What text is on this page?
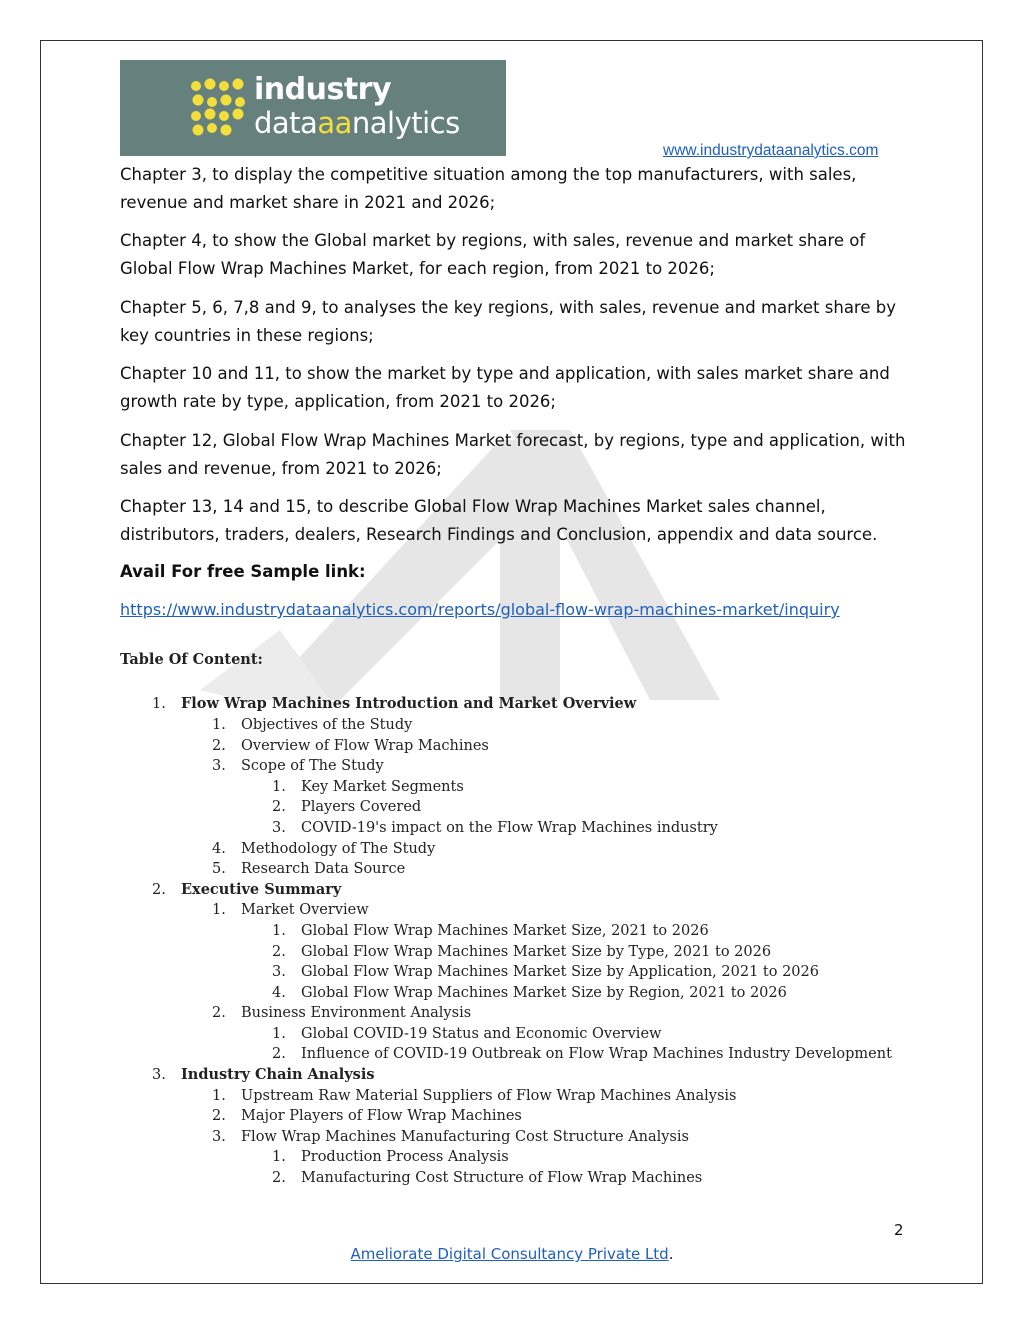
industry
dataaanalytics
www.industrydataanalytics.com
Chapter 3, to display the competitive situation among the top manufacturers, with sales, revenue and market share in 2021 and 2026;
Chapter 4, to show the Global market by regions, with sales, revenue and market share of Global Flow Wrap Machines Market, for each region, from 2021 to 2026;
Chapter 5, 6, 7,8 and 9, to analyses the key regions, with sales, revenue and market share by key countries in these regions;
Chapter 10 and 11, to show the market by type and application, with sales market share and growth rate by type, application, from 2021 to 2026;
Chapter 12, Global Flow Wrap Machines Market forecast, by regions, type and application, with sales and revenue, from 2021 to 2026;
Chapter 13, 14 and 15, to describe Global Flow Wrap Machines Market sales channel, distributors, traders, dealers, Research Findings and Conclusion, appendix and data source.
Avail For free Sample link:
https://www.industrydataanalytics.com/reports/global-flow-wrap-machines-market/inquiry
Table Of Content:
1. Flow Wrap Machines Introduction and Market Overview
1. Objectives of the Study
2. Overview of Flow Wrap Machines
3. Scope of The Study
1. Key Market Segments
2. Players Covered
3. COVID-19's impact on the Flow Wrap Machines industry
4. Methodology of The Study
5. Research Data Source
2. Executive Summary
1. Market Overview
1. Global Flow Wrap Machines Market Size, 2021 to 2026
2. Global Flow Wrap Machines Market Size by Type, 2021 to 2026
3. Global Flow Wrap Machines Market Size by Application, 2021 to 2026
4. Global Flow Wrap Machines Market Size by Region, 2021 to 2026
2. Business Environment Analysis
1. Global COVID-19 Status and Economic Overview
2. Influence of COVID-19 Outbreak on Flow Wrap Machines Industry Development
3. Industry Chain Analysis
1. Upstream Raw Material Suppliers of Flow Wrap Machines Analysis
2. Major Players of Flow Wrap Machines
3. Flow Wrap Machines Manufacturing Cost Structure Analysis
1. Production Process Analysis
2. Manufacturing Cost Structure of Flow Wrap Machines
2
Ameliorate Digital Consultancy Private Ltd.
